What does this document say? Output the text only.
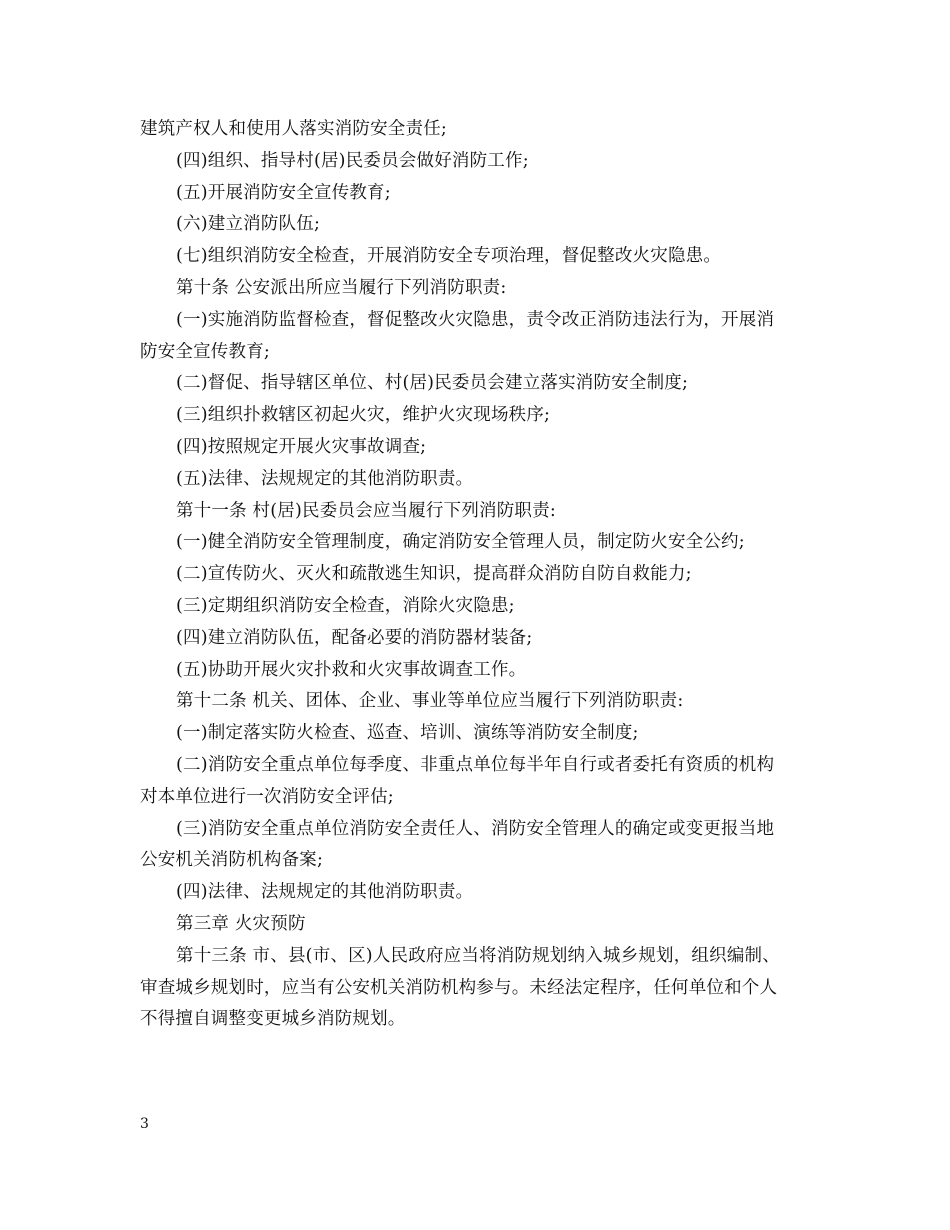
建筑产权人和使用人落实消防安全责任;

(四)组织、指导村(居)民委员会做好消防工作;

(五)开展消防安全宣传教育;

(六)建立消防队伍;

(七)组织消防安全检查，开展消防安全专项治理，督促整改火灾隐患。

第十条 公安派出所应当履行下列消防职责:

(一)实施消防监督检查，督促整改火灾隐患，责令改正消防违法行为，开展消

防安全宣传教育;

(二)督促、指导辖区单位、村(居)民委员会建立落实消防安全制度;

(三)组织扑救辖区初起火灾，维护火灾现场秩序;

(四)按照规定开展火灾事故调查;

(五)法律、法规规定的其他消防职责。

第十一条 村(居)民委员会应当履行下列消防职责:

(一)健全消防安全管理制度，确定消防安全管理人员，制定防火安全公约;

(二)宣传防火、灭火和疏散逃生知识，提高群众消防自防自救能力;

(三)定期组织消防安全检查，消除火灾隐患;

(四)建立消防队伍，配备必要的消防器材装备;

(五)协助开展火灾扑救和火灾事故调查工作。

第十二条 机关、团体、企业、事业等单位应当履行下列消防职责:

(一)制定落实防火检查、巡查、培训、演练等消防安全制度;

(二)消防安全重点单位每季度、非重点单位每半年自行或者委托有资质的机构

对本单位进行一次消防安全评估;

(三)消防安全重点单位消防安全责任人、消防安全管理人的确定或变更报当地

公安机关消防机构备案;

(四)法律、法规规定的其他消防职责。

第三章 火灾预防

第十三条 市、县(市、区)人民政府应当将消防规划纳入城乡规划，组织编制、

审查城乡规划时，应当有公安机关消防机构参与。未经法定程序，任何单位和个人

不得擅自调整变更城乡消防规划。

3
